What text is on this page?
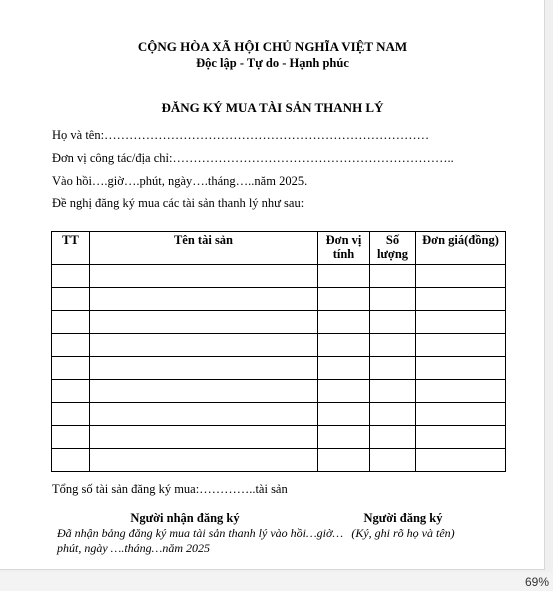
CỘNG HÒA XÃ HỘI CHỦ NGHĨA VIỆT NAM
Độc lập - Tự do - Hạnh phúc
ĐĂNG KÝ MUA TÀI SẢN THANH LÝ
Họ và tên:……………………………………………………………………
Đơn vị công tác/địa chỉ:…………………………………………………………..
Vào hồi….giờ….phút, ngày….tháng…..năm 2025.
Đề nghị đăng ký mua các tài sản thanh lý như sau:
TT	Tên tài sản	Đơn vị tính	Số lượng	Đơn giá(đồng)

Tổng số tài sản đăng ký mua:…………..tài sản
Người nhận đăng ký
Đã nhận bảng đăng ký mua tài sản thanh lý vào hồi…giờ…phút, ngày ….tháng…năm 2025
Người đăng ký
(Ký, ghi rõ họ và tên)
69%
